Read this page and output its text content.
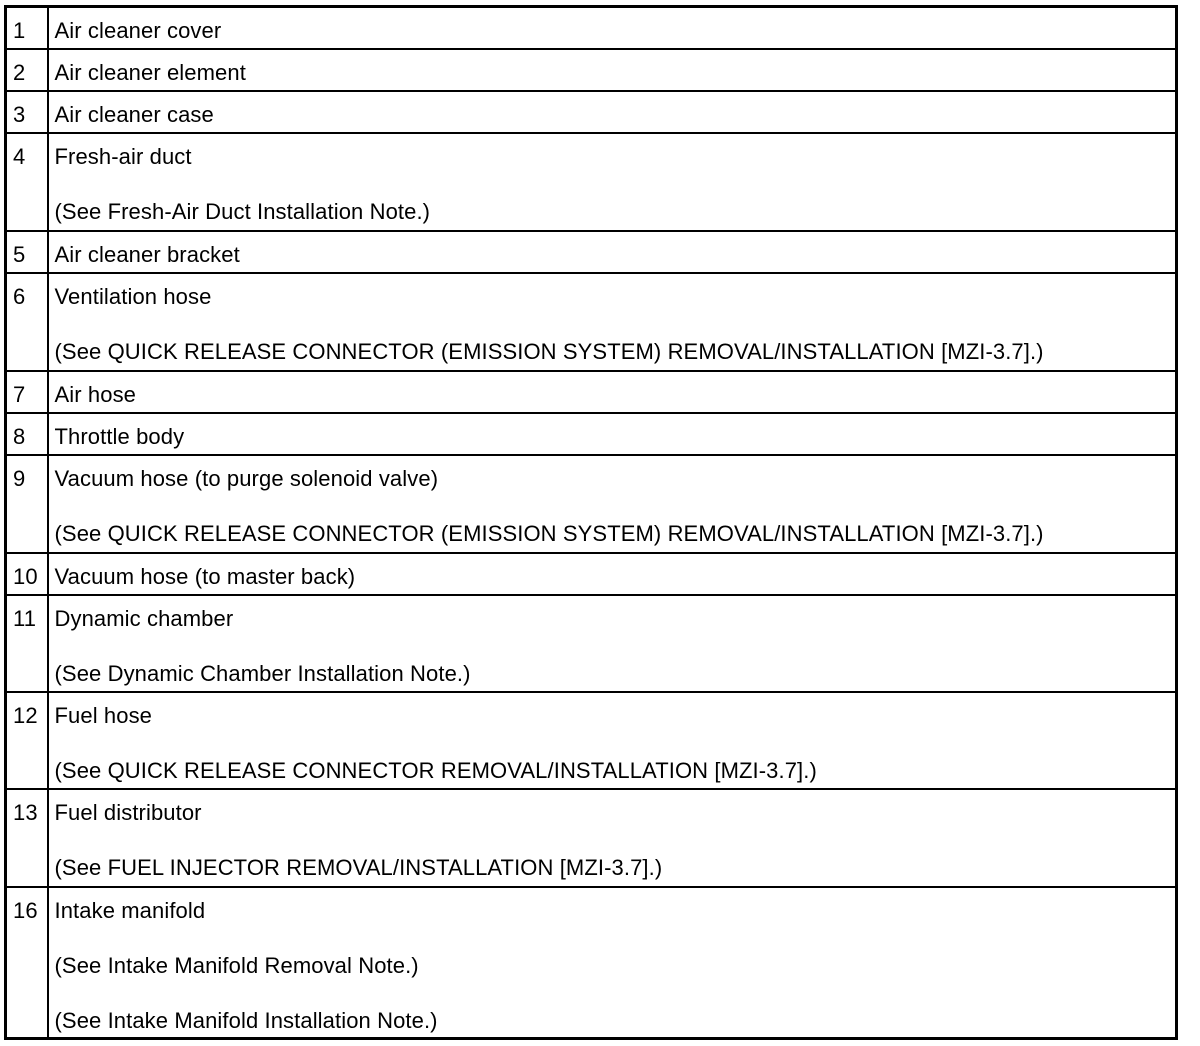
1	Air cleaner cover

2	Air cleaner element

3	Air cleaner case

4	Fresh-air duct
(See Fresh-Air Duct Installation Note.)

5	Air cleaner bracket

6	Ventilation hose
(See QUICK RELEASE CONNECTOR (EMISSION SYSTEM) REMOVAL/INSTALLATION [MZI-3.7].)

7	Air hose

8	Throttle body

9	Vacuum hose (to purge solenoid valve)
(See QUICK RELEASE CONNECTOR (EMISSION SYSTEM) REMOVAL/INSTALLATION [MZI-3.7].)

10	Vacuum hose (to master back)

11	Dynamic chamber
(See Dynamic Chamber Installation Note.)

12	Fuel hose
(See QUICK RELEASE CONNECTOR REMOVAL/INSTALLATION [MZI-3.7].)

13	Fuel distributor
(See FUEL INJECTOR REMOVAL/INSTALLATION [MZI-3.7].)

16	Intake manifold
(See Intake Manifold Removal Note.)
(See Intake Manifold Installation Note.)
